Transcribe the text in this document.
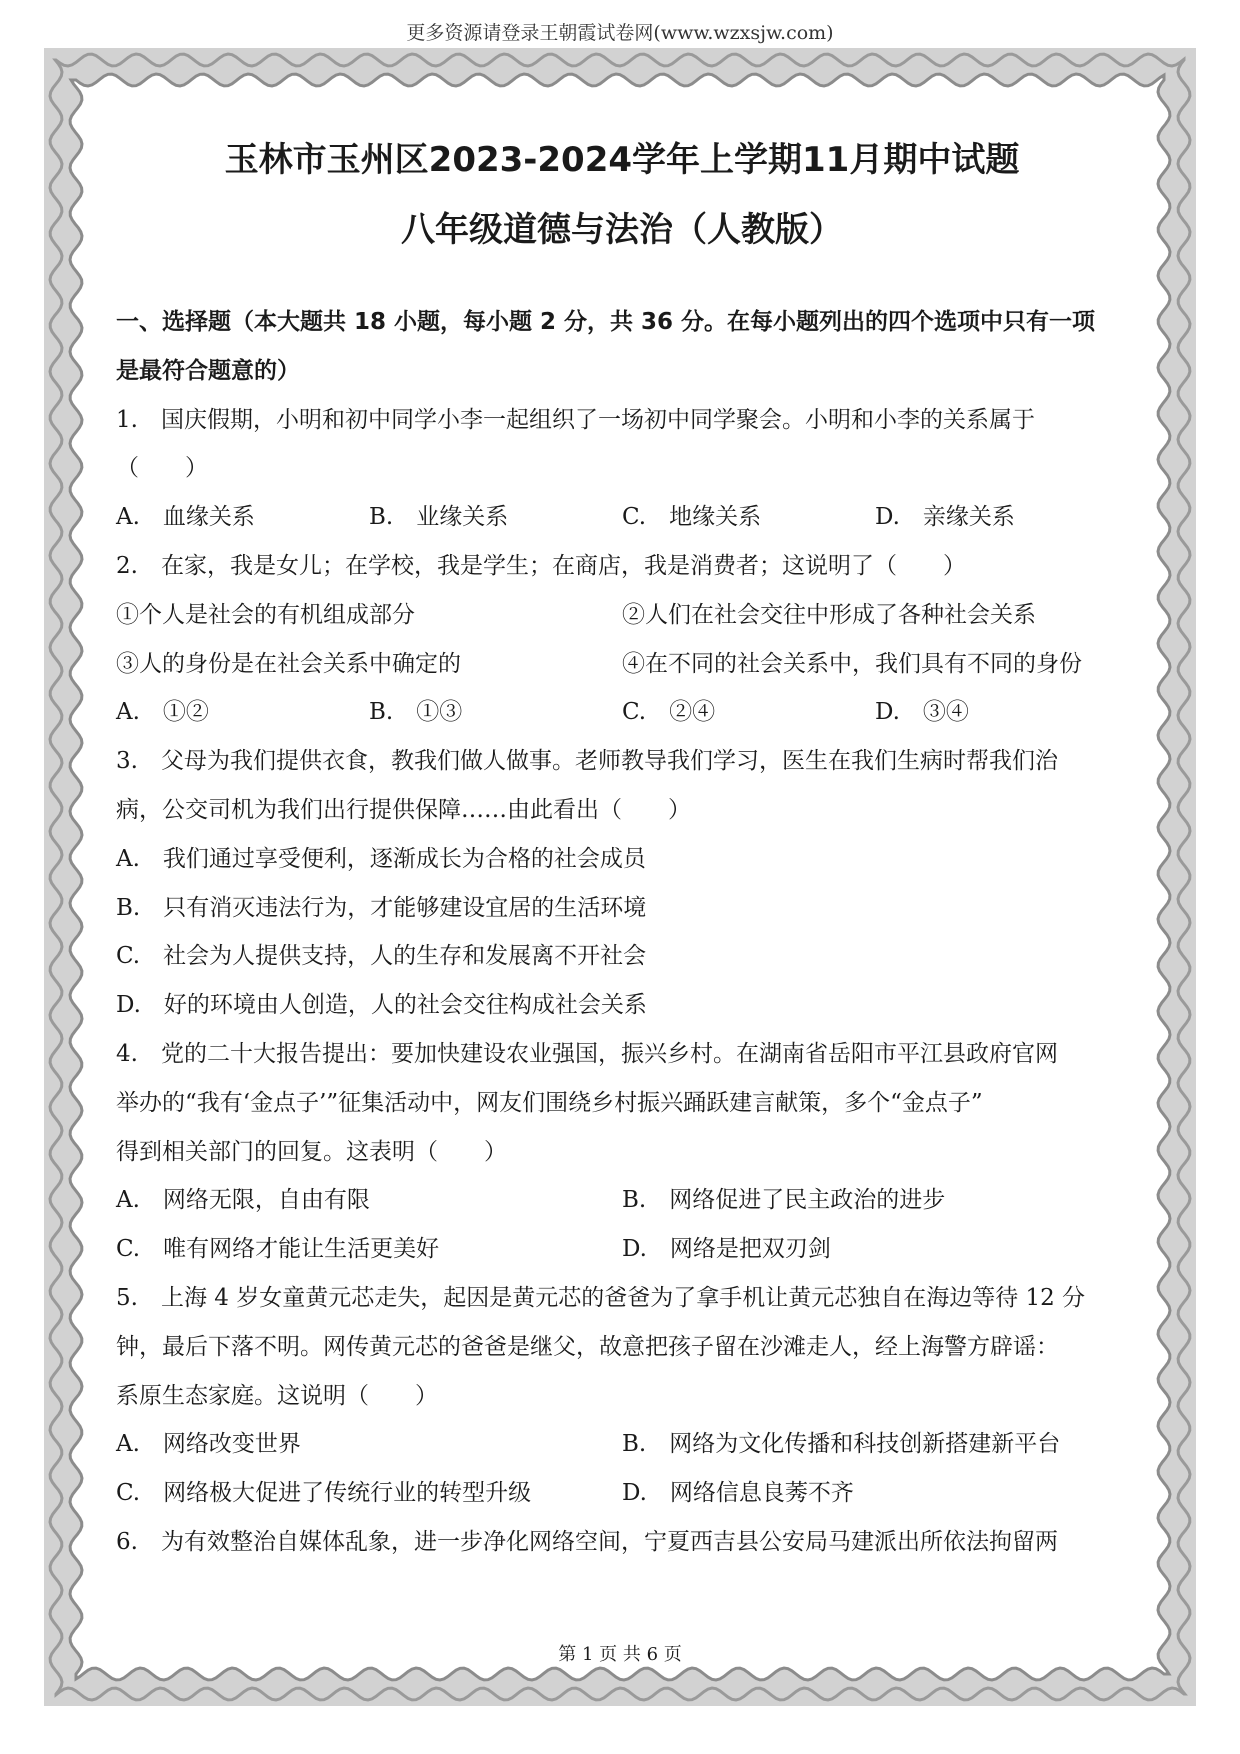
更多资源请登录王朝霞试卷网(www.wzxsjw.com)
玉林市玉州区2023-2024学年上学期11月期中试题
八年级道德与法治（人教版）
一、选择题（本大题共 18 小题，每小题 2 分，共 36 分。在每小题列出的四个选项中只有一项
是最符合题意的）
1.　国庆假期，小明和初中同学小李一起组织了一场初中同学聚会。小明和小李的关系属于
（　　）
A.　血缘关系	B.　业缘关系	C.　地缘关系	D.　亲缘关系
2.　在家，我是女儿；在学校，我是学生；在商店，我是消费者；这说明了（　　）
①个人是社会的有机组成部分	②人们在社会交往中形成了各种社会关系
③人的身份是在社会关系中确定的	④在不同的社会关系中，我们具有不同的身份
A.　①②	B.　①③	C.　②④	D.　③④
3.　父母为我们提供衣食，教我们做人做事。老师教导我们学习，医生在我们生病时帮我们治
病，公交司机为我们出行提供保障……由此看出（　　）
A.　我们通过享受便利，逐渐成长为合格的社会成员
B.　只有消灭违法行为，才能够建设宜居的生活环境
C.　社会为人提供支持，人的生存和发展离不开社会
D.　好的环境由人创造，人的社会交往构成社会关系
4.　党的二十大报告提出：要加快建设农业强国，振兴乡村。在湖南省岳阳市平江县政府官网
举办的“我有‘金点子’”征集活动中，网友们围绕乡村振兴踊跃建言献策，多个“金点子”
得到相关部门的回复。这表明（　　）
A.　网络无限，自由有限	B.　网络促进了民主政治的进步
C.　唯有网络才能让生活更美好	D.　网络是把双刃剑
5.　上海 4 岁女童黄元芯走失，起因是黄元芯的爸爸为了拿手机让黄元芯独自在海边等待 12 分
钟，最后下落不明。网传黄元芯的爸爸是继父，故意把孩子留在沙滩走人，经上海警方辟谣：
系原生态家庭。这说明（　　）
A.　网络改变世界	B.　网络为文化传播和科技创新搭建新平台
C.　网络极大促进了传统行业的转型升级	D.　网络信息良莠不齐
6.　为有效整治自媒体乱象，进一步净化网络空间，宁夏西吉县公安局马建派出所依法拘留两
第 1 页 共 6 页
